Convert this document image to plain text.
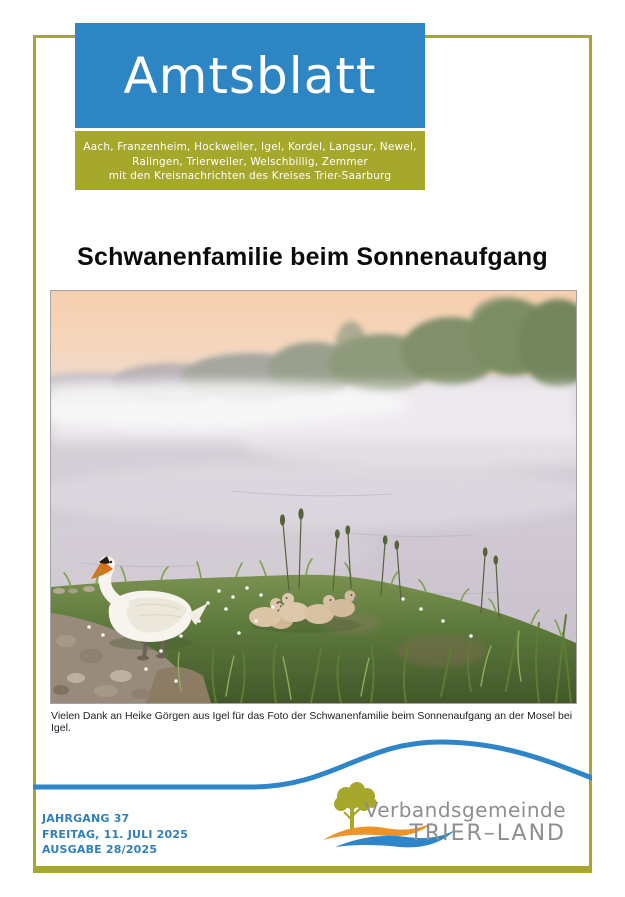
Amtsblatt
Aach, Franzenheim, Hockweiler, Igel, Kordel, Langsur, Newel,
Ralingen, Trierweiler, Welschbillig, Zemmer
mit den Kreisnachrichten des Kreises Trier-Saarburg
Schwanenfamilie beim Sonnenaufgang
Vielen Dank an Heike Görgen aus Igel für das Foto der Schwanenfamilie beim Sonnenaufgang an der Mosel bei Igel.
JAHRGANG 37
FREITAG, 11. JULI 2025
AUSGABE 28/2025
Verbandsgemeinde
TRIER–LAND
